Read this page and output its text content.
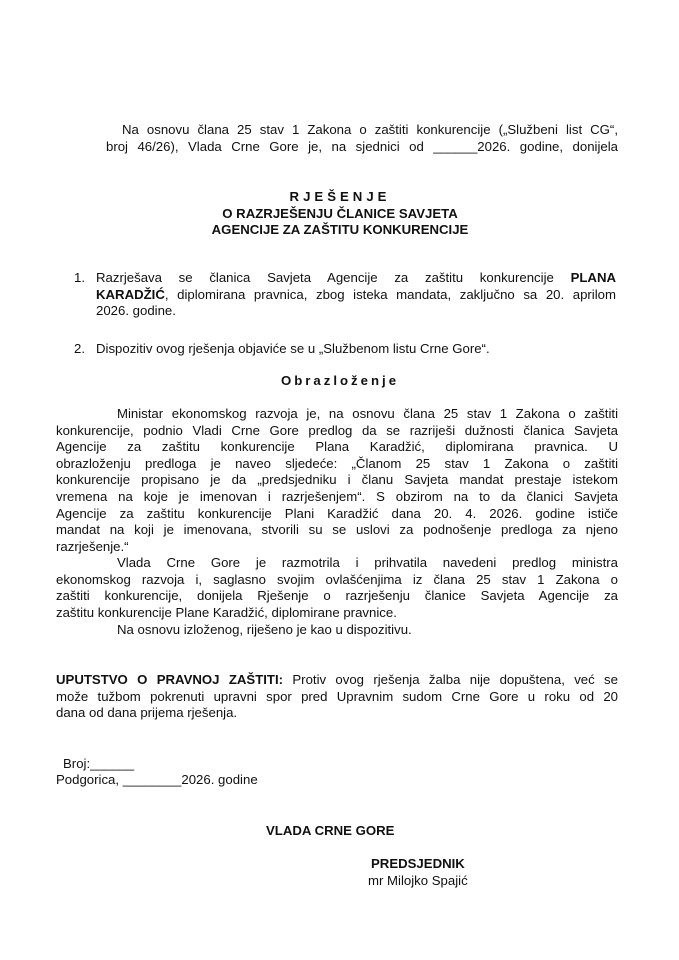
Na osnovu člana 25 stav 1 Zakona o zaštiti konkurencije („Službeni list CG“,
broj 46/26), Vlada Crne Gore je, na sjednici od ______2026. godine, donijela
RJEŠENJE
O RAZRJEŠENJU ČLANICE SAVJETA
AGENCIJE ZA ZAŠTITU KONKURENCIJE
1. Razrješava se članica Savjeta Agencije za zaštitu konkurencije PLANA
KARADŽIĆ, diplomirana pravnica, zbog isteka mandata, zaključno sa 20. aprilom
2026. godine.
2. Dispozitiv ovog rješenja objaviće se u „Službenom listu Crne Gore“.
Obrazloženje
Ministar ekonomskog razvoja je, na osnovu člana 25 stav 1 Zakona o zaštiti
konkurencije, podnio Vladi Crne Gore predlog da se razriješi dužnosti članica Savjeta
Agencije za zaštitu konkurencije Plana Karadžić, diplomirana pravnica. U
obrazloženju predloga je naveo sljedeće: „Članom 25 stav 1 Zakona o zaštiti
konkurencije propisano je da „predsjedniku i članu Savjeta mandat prestaje istekom
vremena na koje je imenovan i razrješenjem“. S obzirom na to da članici Savjeta
Agencije za zaštitu konkurencije Plani Karadžić dana 20. 4. 2026. godine ističe
mandat na koji je imenovana, stvorili su se uslovi za podnošenje predloga za njeno
razrješenje.“
Vlada Crne Gore je razmotrila i prihvatila navedeni predlog ministra
ekonomskog razvoja i, saglasno svojim ovlašćenjima iz člana 25 stav 1 Zakona o
zaštiti konkurencije, donijela Rješenje o razrješenju članice Savjeta Agencije za
zaštitu konkurencije Plane Karadžić, diplomirane pravnice.
Na osnovu izloženog, riješeno je kao u dispozitivu.
UPUTSTVO O PRAVNOJ ZAŠTITI: Protiv ovog rješenja žalba nije dopuštena, već se
može tužbom pokrenuti upravni spor pred Upravnim sudom Crne Gore u roku od 20
dana od dana prijema rješenja.
Broj:______
Podgorica, ________2026. godine
VLADA CRNE GORE
PREDSJEDNIK
mr Milojko Spajić
